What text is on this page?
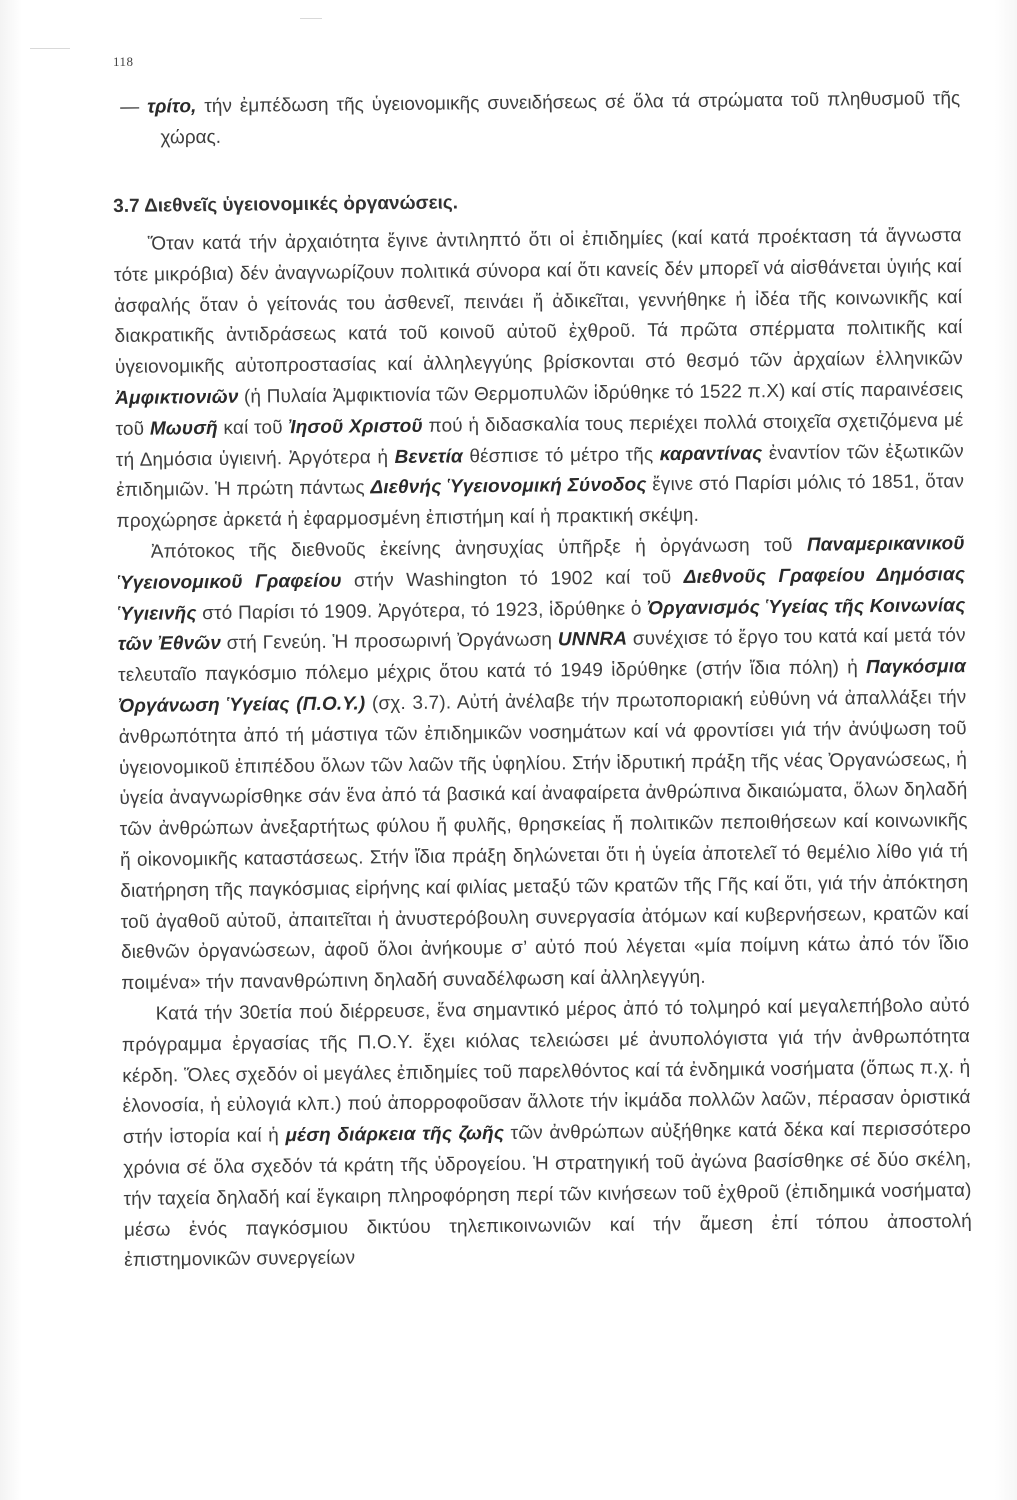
118

— τρίτο, τήν ἐμπέδωση τῆς ὑγειονομικῆς συνειδήσεως σέ ὅλα τά στρώματα τοῦ πληθυσμοῦ τῆς χώρας.

3.7 Διεθνεῖς ὑγειονομικές ὀργανώσεις.

Ὅταν κατά τήν ἀρχαιότητα ἔγινε ἀντιληπτό ὅτι οἱ ἐπιδημίες (καί κατά προέκταση τά ἄγνωστα τότε μικρόβια) δέν ἀναγνωρίζουν πολιτικά σύνορα καί ὅτι κανείς δέν μπορεῖ νά αἰσθάνεται ὑγιής καί ἀσφαλής ὅταν ὁ γείτονάς του ἀσθενεῖ, πεινάει ἤ ἀδικεῖται, γεννήθηκε ἡ ἰδέα τῆς κοινωνικῆς καί διακρατικῆς ἀντιδράσεως κατά τοῦ κοινοῦ αὐτοῦ ἐχθροῦ. Τά πρῶτα σπέρματα πολιτικῆς καί ὑγειονομικῆς αὐτοπροστασίας καί ἀλληλεγγύης βρίσκονται στό θεσμό τῶν ἀρχαίων ἑλληνικῶν Ἀμφικτιονιῶν (ἡ Πυλαία Ἀμφικτιονία τῶν Θερμοπυλῶν ἱδρύθηκε τό 1522 π.Χ) καί στίς παραινέσεις τοῦ Μωυσῆ καί τοῦ Ἰησοῦ Χριστοῦ πού ἡ διδασκαλία τους περιέχει πολλά στοιχεῖα σχετιζόμενα μέ τή Δημόσια ὑγιεινή. Ἀργότερα ἡ Βενετία θέσπισε τό μέτρο τῆς καραντίνας ἐναντίον τῶν ἐξωτικῶν ἐπιδημιῶν. Ἡ πρώτη πάντως Διεθνής Ὑγειονομική Σύνοδος ἔγινε στό Παρίσι μόλις τό 1851, ὅταν προχώρησε ἀρκετά ἡ ἐφαρμοσμένη ἐπιστήμη καί ἡ πρακτική σκέψη.

Ἀπότοκος τῆς διεθνοῦς ἐκείνης ἀνησυχίας ὑπῆρξε ἡ ὀργάνωση τοῦ Παναμερικανικοῦ Ὑγειονομικοῦ Γραφείου στήν Washington τό 1902 καί τοῦ Διεθνοῦς Γραφείου Δημόσιας Ὑγιεινῆς στό Παρίσι τό 1909. Ἀργότερα, τό 1923, ἱδρύθηκε ὁ Ὀργανισμός Ὑγείας τῆς Κοινωνίας τῶν Ἐθνῶν στή Γενεύη. Ἡ προσωρινή Ὀργάνωση UNNRA συνέχισε τό ἔργο του κατά καί μετά τόν τελευταῖο παγκόσμιο πόλεμο μέχρις ὅτου κατά τό 1949 ἱδρύθηκε (στήν ἴδια πόλη) ἡ Παγκόσμια Ὀργάνωση Ὑγείας (Π.Ο.Υ.) (σχ. 3.7). Αὐτή ἀνέλαβε τήν πρωτοποριακή εὐθύνη νά ἀπαλλάξει τήν ἀνθρωπότητα ἀπό τή μάστιγα τῶν ἐπιδημικῶν νοσημάτων καί νά φροντίσει γιά τήν ἀνύψωση τοῦ ὑγειονομικοῦ ἐπιπέδου ὅλων τῶν λαῶν τῆς ὑφηλίου. Στήν ἱδρυτική πράξη τῆς νέας Ὀργανώσεως, ἡ ὑγεία ἀναγνωρίσθηκε σάν ἕνα ἀπό τά βασικά καί ἀναφαίρετα ἀνθρώπινα δικαιώματα, ὅλων δηλαδή τῶν ἀνθρώπων ἀνεξαρτήτως φύλου ἤ φυλῆς, θρησκείας ἤ πολιτικῶν πεποιθήσεων καί κοινωνικῆς ἤ οἰκονομικῆς καταστάσεως. Στήν ἴδια πράξη δηλώνεται ὅτι ἡ ὑγεία ἀποτελεῖ τό θεμέλιο λίθο γιά τή διατήρηση τῆς παγκόσμιας εἰρήνης καί φιλίας μεταξύ τῶν κρατῶν τῆς Γῆς καί ὅτι, γιά τήν ἀπόκτηση τοῦ ἀγαθοῦ αὐτοῦ, ἀπαιτεῖται ἡ ἀνυστερόβουλη συνεργασία ἀτόμων καί κυβερνήσεων, κρατῶν καί διεθνῶν ὀργανώσεων, ἀφοῦ ὅλοι ἀνήκουμε σ’ αὐτό πού λέγεται «μία ποίμνη κάτω ἀπό τόν ἴδιο ποιμένα» τήν πανανθρώπινη δηλαδή συναδέλφωση καί ἀλληλεγγύη.

Κατά τήν 30ετία πού διέρρευσε, ἕνα σημαντικό μέρος ἀπό τό τολμηρό καί μεγαλεπήβολο αὐτό πρόγραμμα ἐργασίας τῆς Π.Ο.Υ. ἔχει κιόλας τελειώσει μέ ἀνυπολόγιστα γιά τήν ἀνθρωπότητα κέρδη. Ὅλες σχεδόν οἱ μεγάλες ἐπιδημίες τοῦ παρελθόντος καί τά ἐνδημικά νοσήματα (ὅπως π.χ. ἡ ἑλονοσία, ἡ εὐλογιά κλπ.) πού ἀπορροφοῦσαν ἄλλοτε τήν ἰκμάδα πολλῶν λαῶν, πέρασαν ὁριστικά στήν ἱστορία καί ἡ μέση διάρκεια τῆς ζωῆς τῶν ἀνθρώπων αὐξήθηκε κατά δέκα καί περισσότερο χρόνια σέ ὅλα σχεδόν τά κράτη τῆς ὑδρογείου. Ἡ στρατηγική τοῦ ἀγώνα βασίσθηκε σέ δύο σκέλη, τήν ταχεία δηλαδή καί ἔγκαιρη πληροφόρηση περί τῶν κινήσεων τοῦ ἐχθροῦ (ἐπιδημικά νοσήματα) μέσω ἑνός παγκόσμιου δικτύου τηλεπικοινωνιῶν καί τήν ἄμεση ἐπί τόπου ἀποστολή ἐπιστημονικῶν συνεργείων
